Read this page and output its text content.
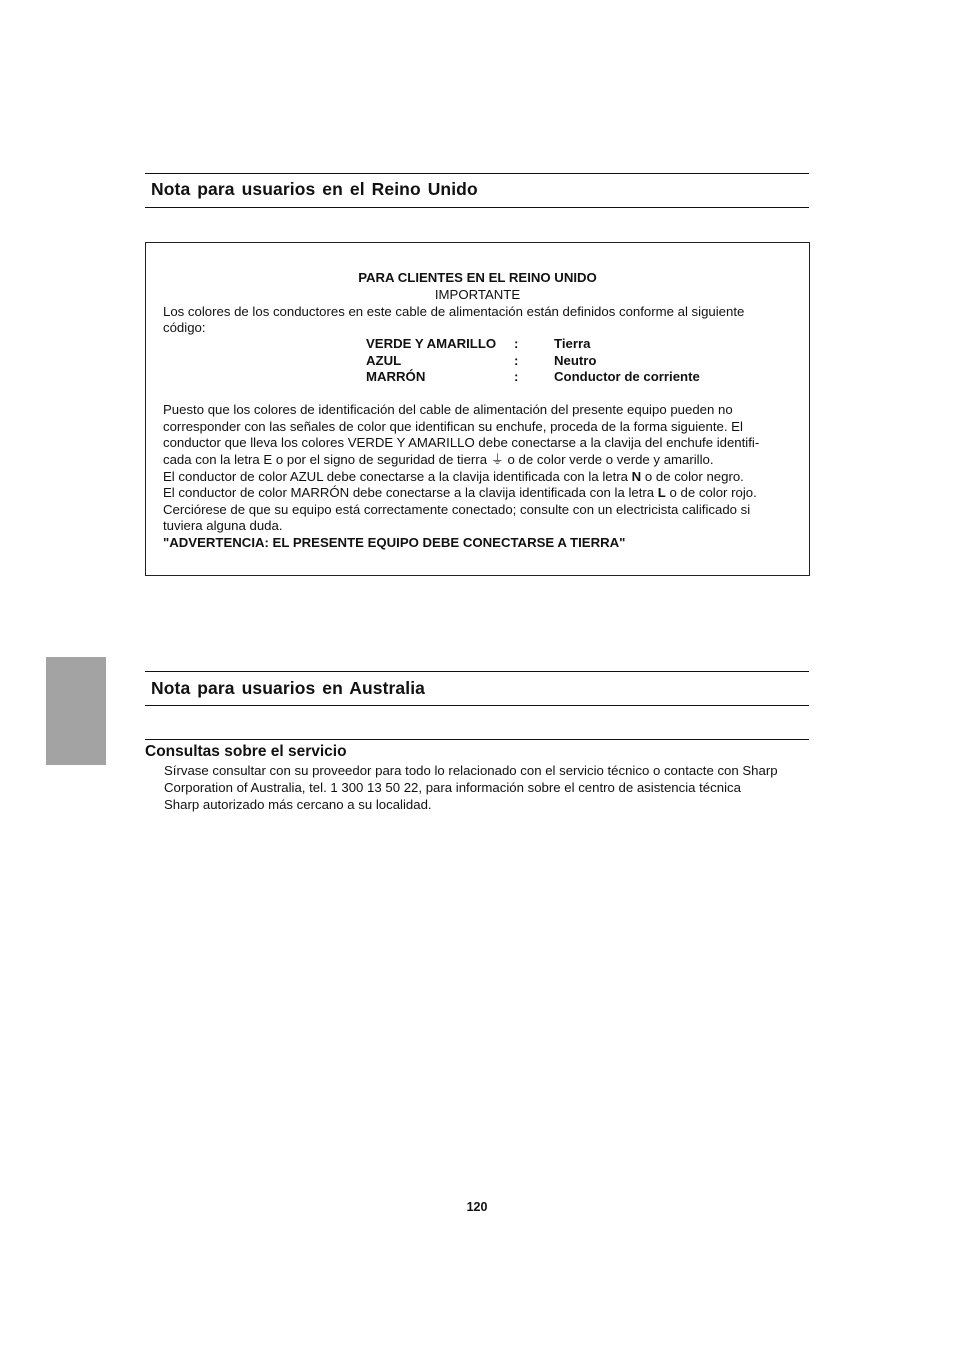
Nota para usuarios en el Reino Unido
PARA CLIENTES EN EL REINO UNIDO
IMPORTANTE
Los colores de los conductores en este cable de alimentación están definidos conforme al siguiente
código:
VERDE Y AMARILLO :	Tierra
AZUL	:	Neutro
MARRÓN	:	Conductor de corriente
Puesto que los colores de identificación del cable de alimentación del presente equipo pueden no
corresponder con las señales de color que identifican su enchufe, proceda de la forma siguiente. El
conductor que lleva los colores VERDE Y AMARILLO debe conectarse a la clavija del enchufe identifi-
cada con la letra E o por el signo de seguridad de tierra ⏚ o de color verde o verde y amarillo.
El conductor de color AZUL debe conectarse a la clavija identificada con la letra N o de color negro.
El conductor de color MARRÓN debe conectarse a la clavija identificada con la letra L o de color rojo.
Cerciórese de que su equipo está correctamente conectado; consulte con un electricista calificado si
tuviera alguna duda.
"ADVERTENCIA: EL PRESENTE EQUIPO DEBE CONECTARSE A TIERRA"
Nota para usuarios en Australia
Consultas sobre el servicio
Sírvase consultar con su proveedor para todo lo relacionado con el servicio técnico o contacte con Sharp
Corporation of Australia, tel. 1 300 13 50 22, para información sobre el centro de asistencia técnica
Sharp autorizado más cercano a su localidad.
120
